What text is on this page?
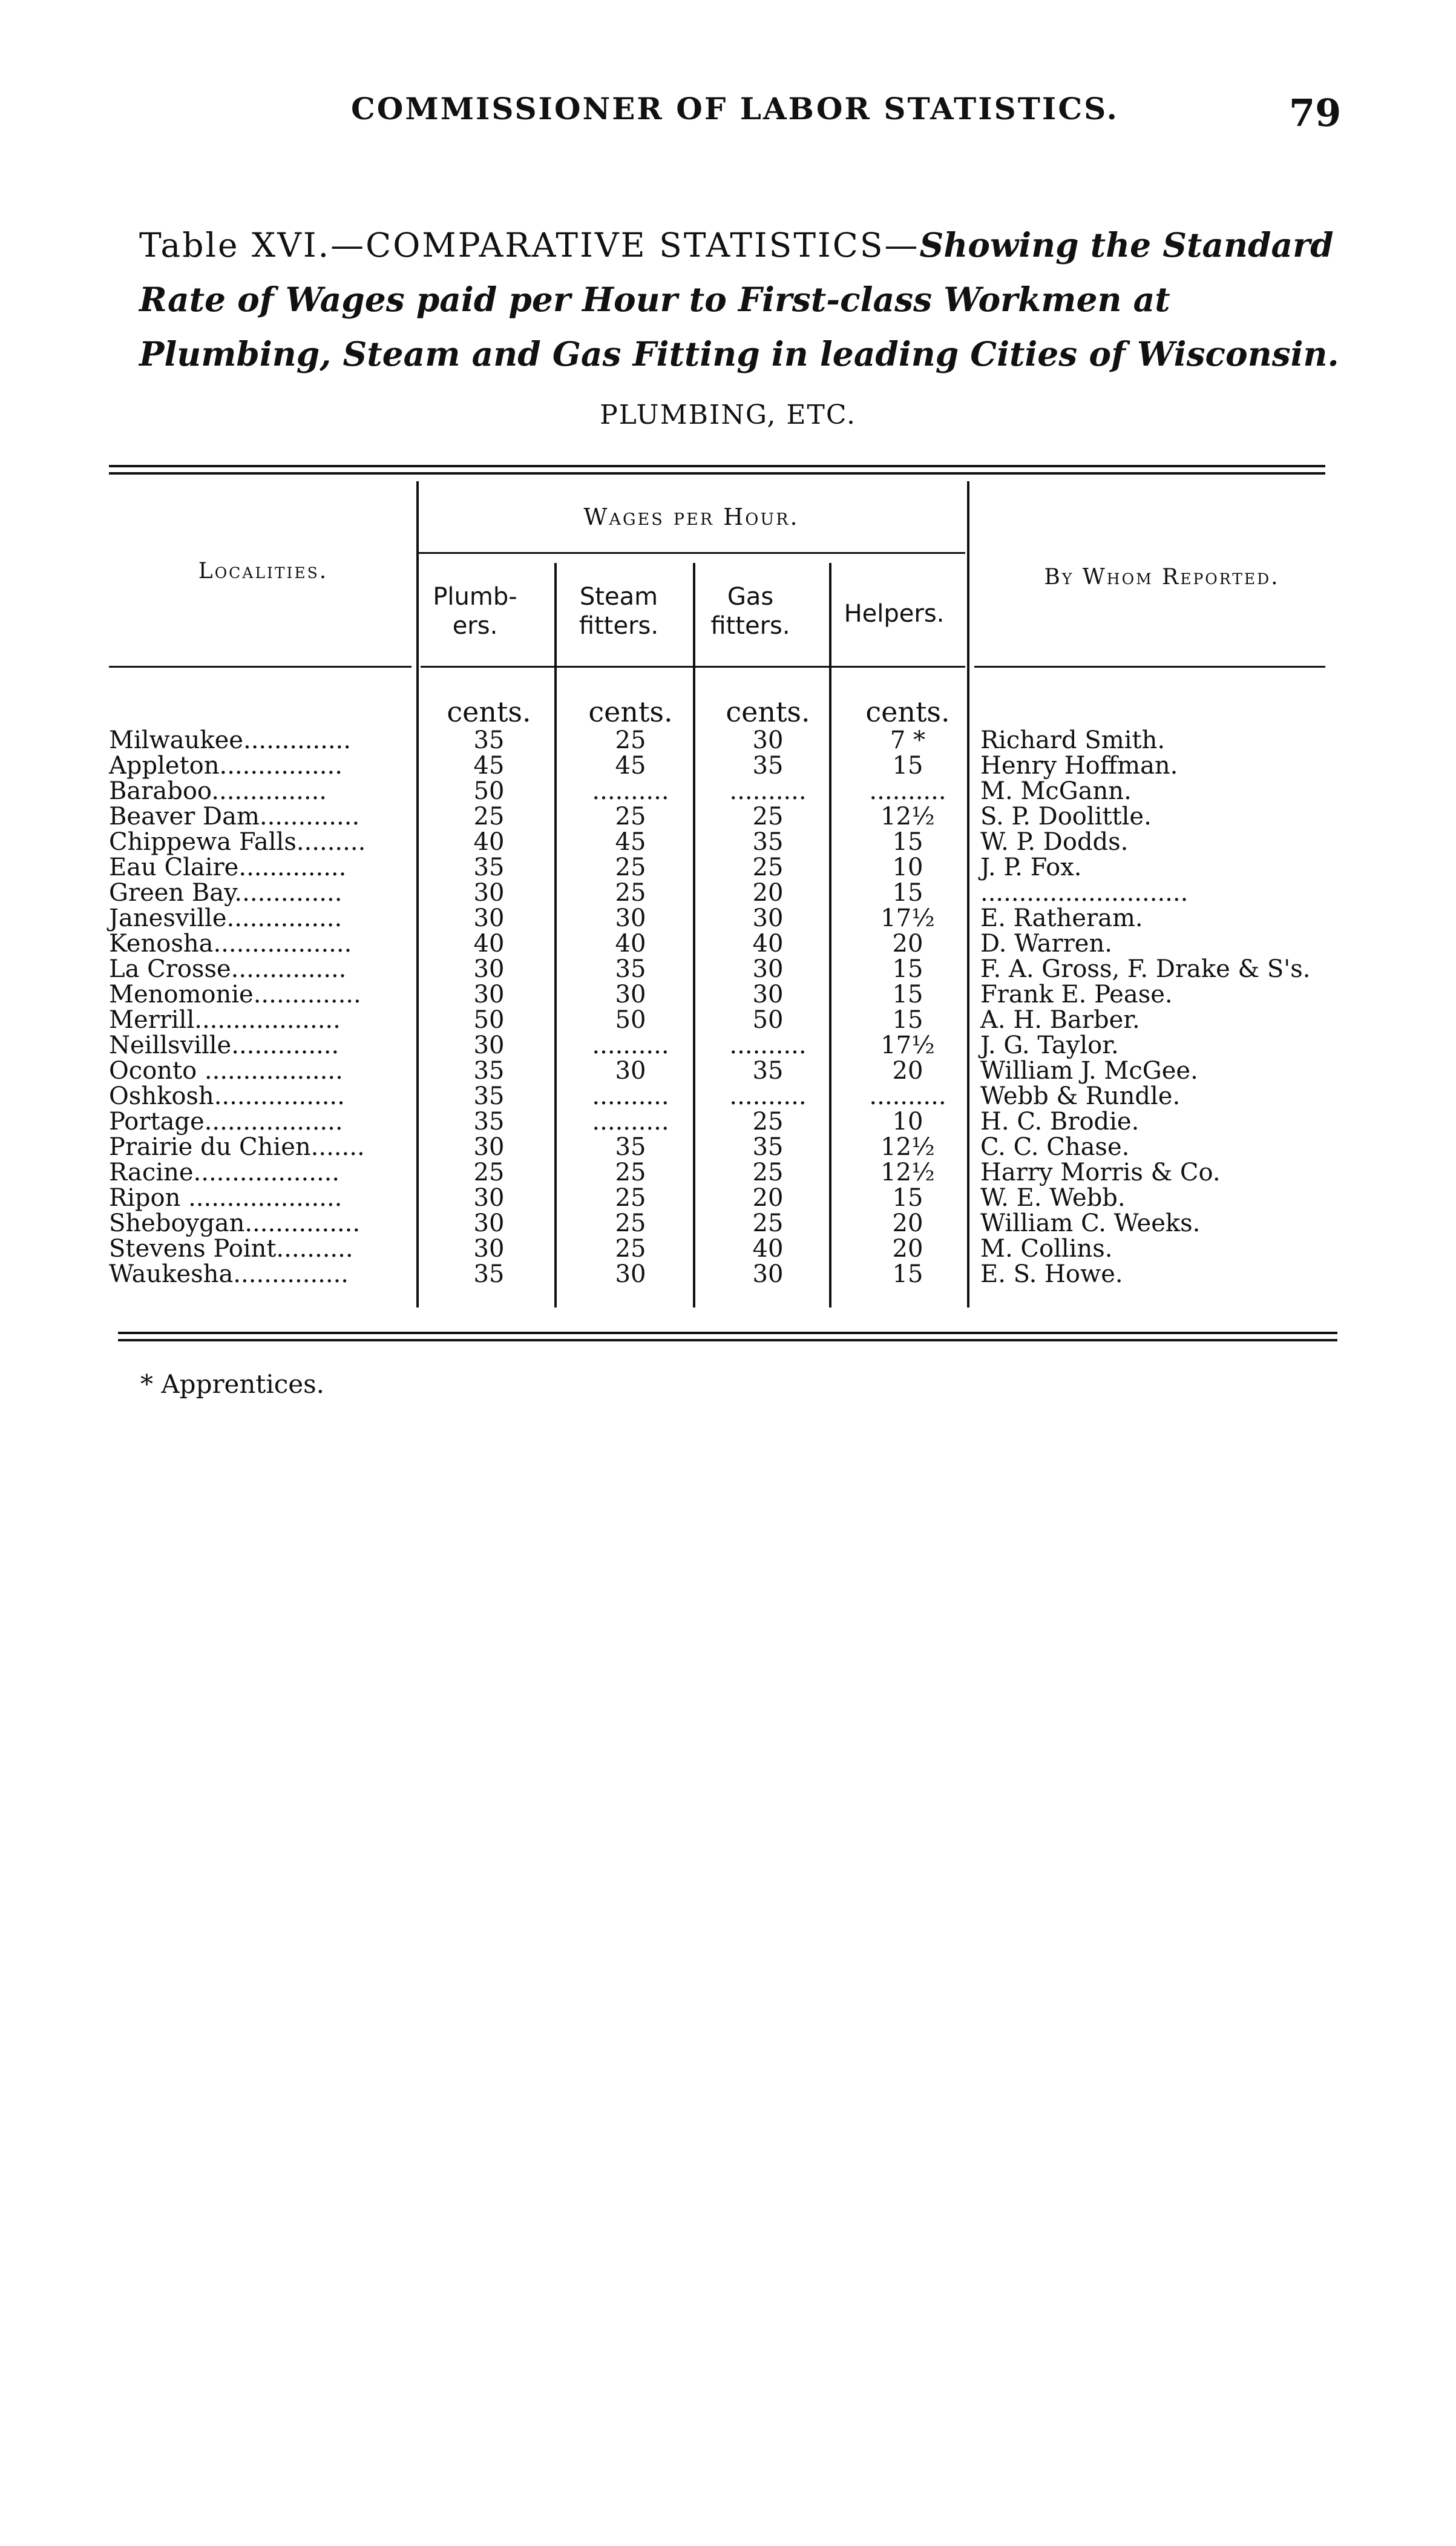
COMMISSIONER OF LABOR STATISTICS.	79
Table XVI.—COMPARATIVE STATISTICS—Showing the Standard Rate of Wages paid per Hour to First-class Workmen at Plumbing, Steam and Gas Fitting in leading Cities of Wisconsin.
PLUMBING, ETC.
Localities.
Wages per Hour.
By Whom Reported.
Plumb-ers.
Steam fitters.
Gas fitters.	Helpers.
	cents.	cents.	cents.	cents.	
Milwaukee..............	35	25	30	7 *	Richard Smith.
Appleton................	45	45	35	15	Henry Hoffman.
Baraboo...............	50	..........	..........	..........	M. McGann.
Beaver Dam.............	25	25	25	12½	S. P. Doolittle.
Chippewa Falls.........	40	45	35	15	W. P. Dodds.
Eau Claire..............	35	25	25	10	J. P. Fox.
Green Bay..............	30	25	20	15	...........................
Janesville...............	30	30	30	17½	E. Ratheram.
Kenosha..................	40	40	40	20	D. Warren.
La Crosse...............	30	35	30	15	F. A. Gross, F. Drake & S's.
Menomonie..............	30	30	30	15	Frank E. Pease.
Merrill...................	50	50	50	15	A. H. Barber.
Neillsville..............	30	..........	..........	17½	J. G. Taylor.
Oconto ..................	35	30	35	20	William J. McGee.
Oshkosh.................	35	..........	..........	..........	Webb & Rundle.
Portage..................	35	..........	25	10	H. C. Brodie.
Prairie du Chien.......	30	35	35	12½	C. C. Chase.
Racine...................	25	25	25	12½	Harry Morris & Co.
Ripon ....................	30	25	20	15	W. E. Webb.
Sheboygan...............	30	25	25	20	William C. Weeks.
Stevens Point..........	30	25	40	20	M. Collins.
Waukesha...............	35	30	30	15	E. S. Howe.
* Apprentices.
